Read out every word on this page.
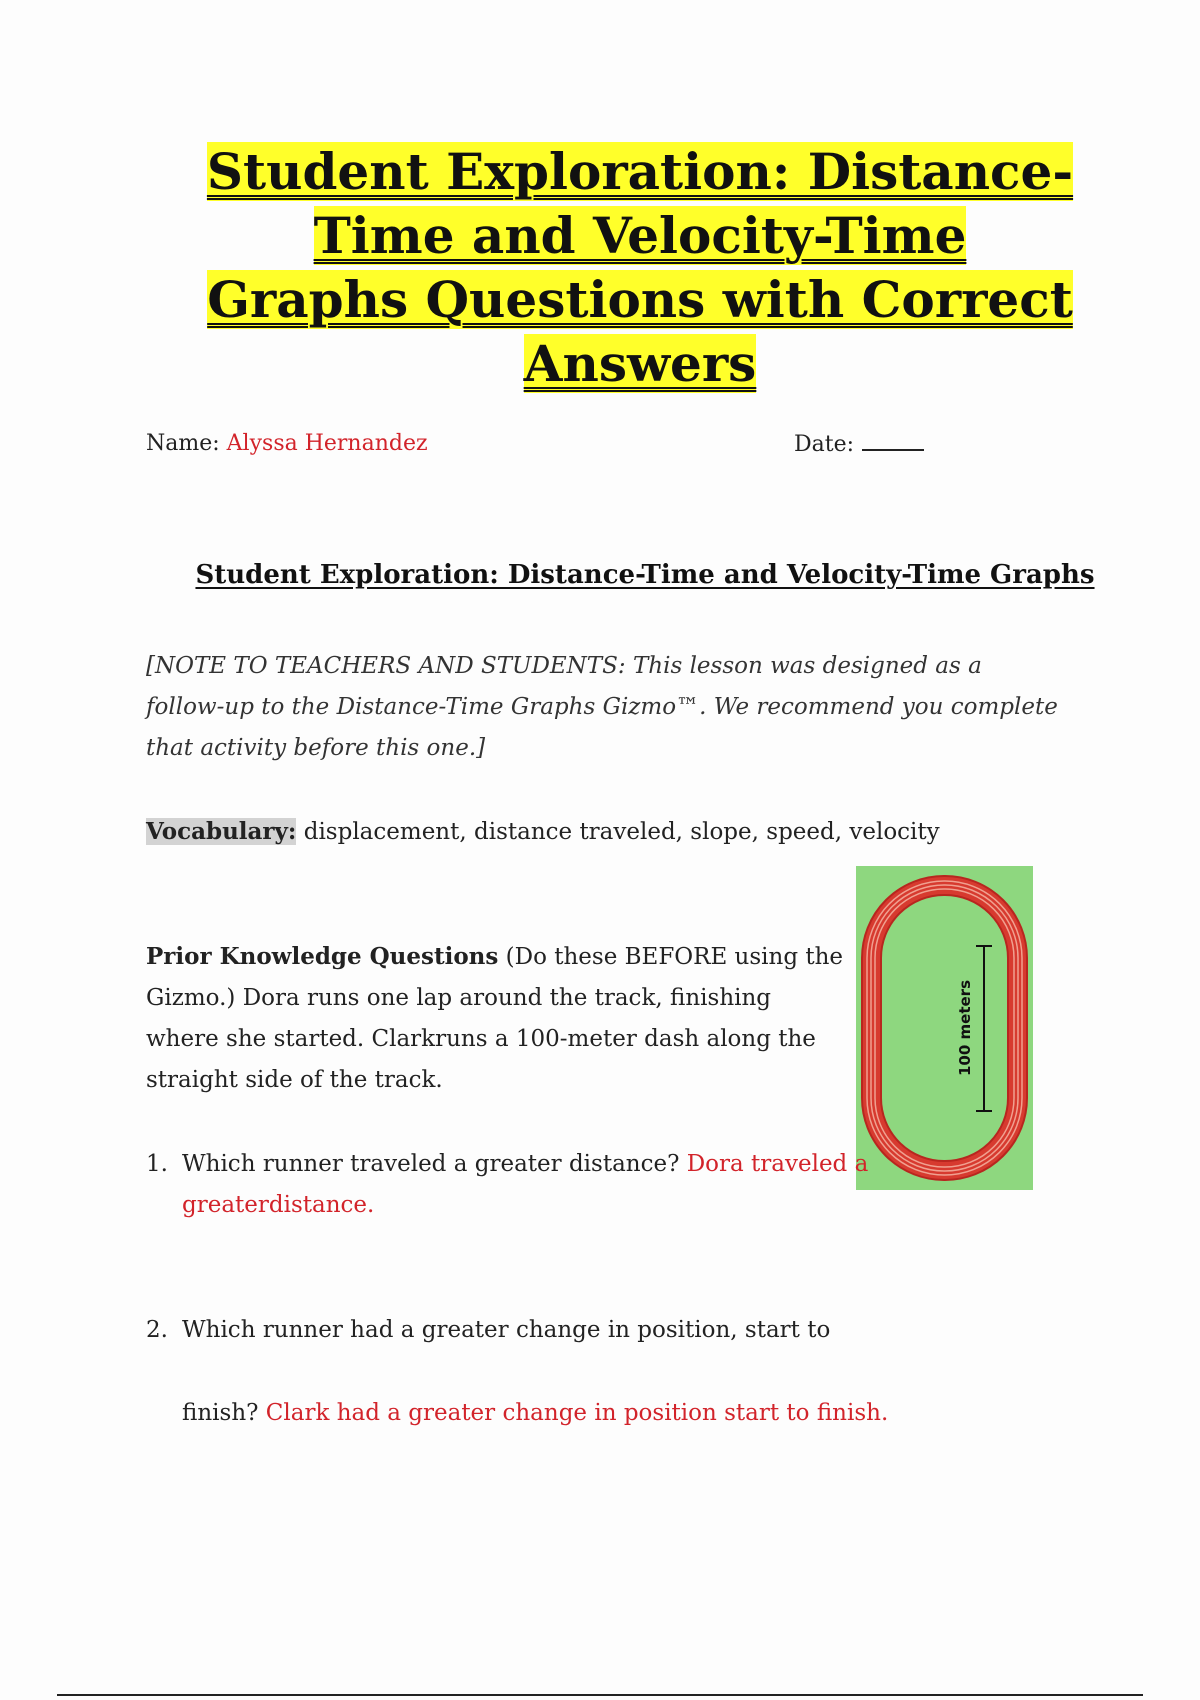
Student Exploration: Distance-
Time and Velocity-Time
Graphs Questions with Correct
Answers
Name: Alyssa Hernandez	Date:
Student Exploration: Distance-Time and Velocity-Time Graphs
[NOTE TO TEACHERS AND STUDENTS: This lesson was designed as a follow-up to the Distance-Time Graphs Gizmo™. We recommend you complete that activity before this one.]
Vocabulary: displacement, distance traveled, slope, speed, velocity
Prior Knowledge Questions (Do these BEFORE using the Gizmo.) Dora runs one lap around the track, finishing where she started. Clarkruns a 100-meter dash along the straight side of the track.
100 meters
1. Which runner traveled a greater distance? Dora traveled a
greaterdistance.
2. Which runner had a greater change in position, start to
finish? Clark had a greater change in position start to finish.
